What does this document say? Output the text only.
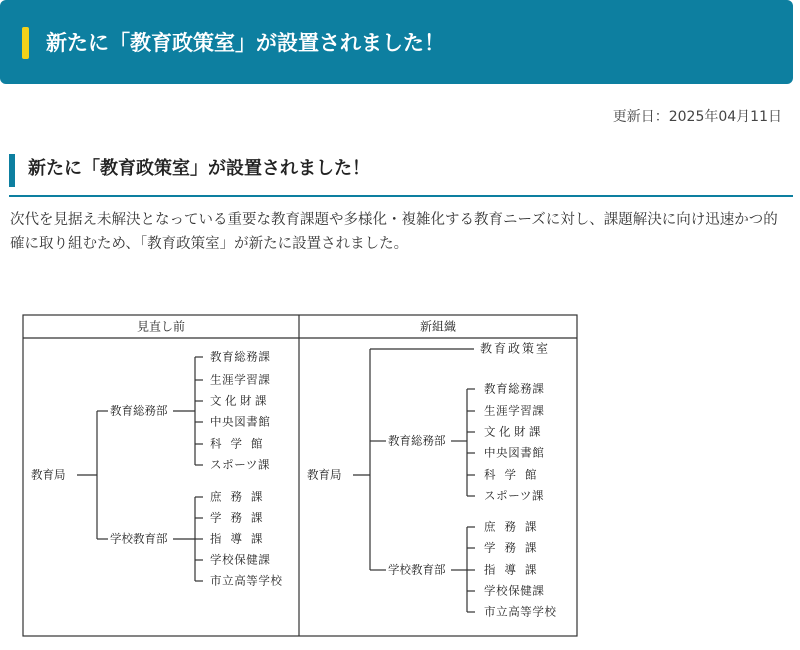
新たに「教育政策室」が設置されました！
更新日：2025年04月11日
新たに「教育政策室」が設置されました！

次代を見据え未解決となっている重要な教育課題や多様化・複雑化する教育ニーズに対し、課題解決に向け迅速かつ的確に取り組むため、「教育政策室」が新たに設置されました。

見直し前	新組織
教育局
教育総務部
教育総務課
生涯学習課
文化財課
中央図書館
科学館
スポーツ課
学校教育部
庶務課
学務課
指導課
学校保健課
市立高等学校
教育局
教育政策室
教育総務部
教育総務課
生涯学習課
文化財課
中央図書館
科学館
スポーツ課
学校教育部
庶務課
学務課
指導課
学校保健課
市立高等学校
